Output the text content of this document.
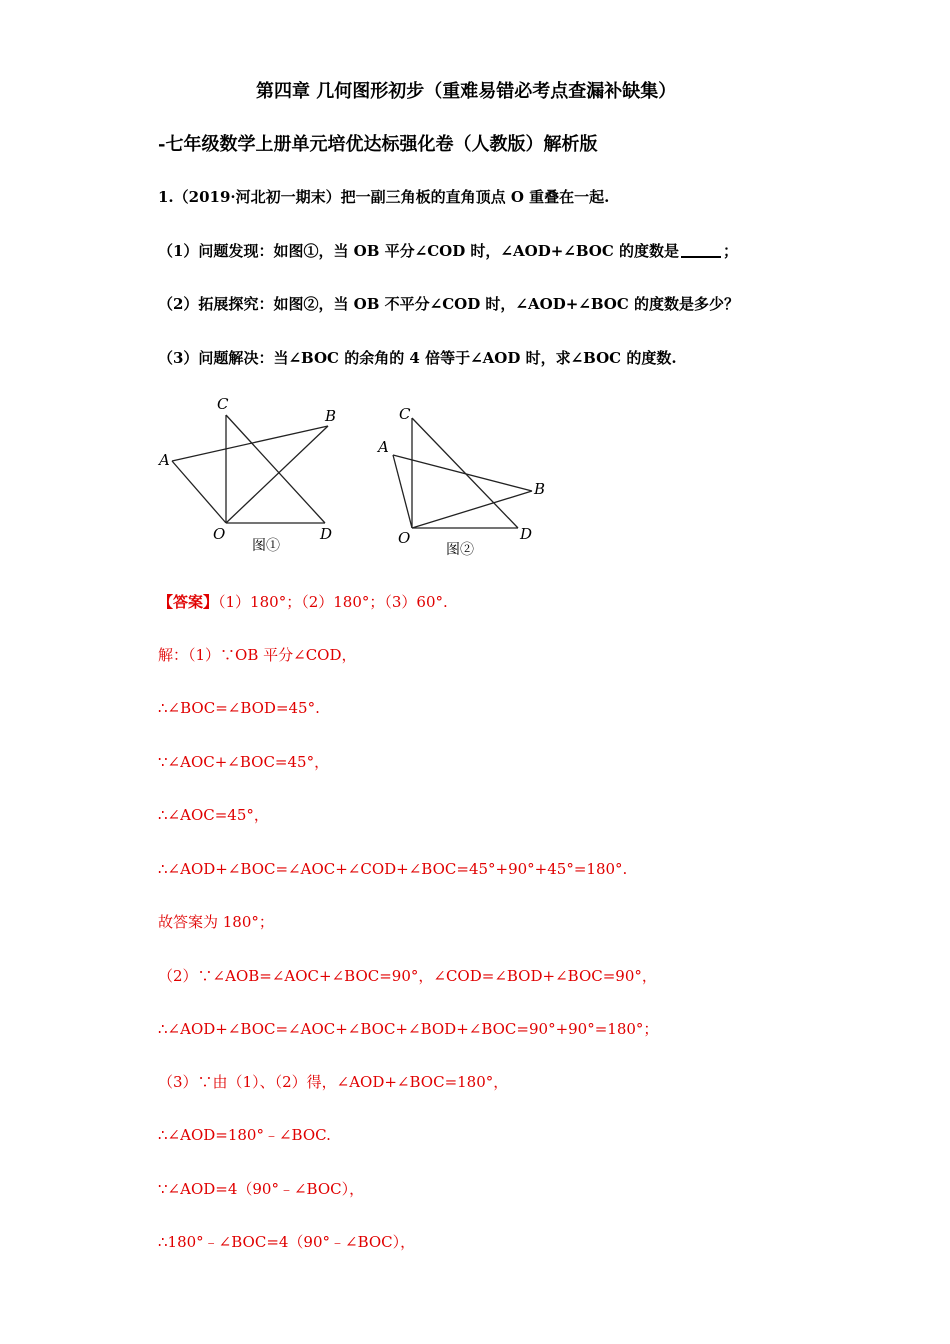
第四章 几何图形初步（重难易错必考点查漏补缺集）
-七年级数学上册单元培优达标强化卷（人教版）解析版
1.（2019·河北初一期末）把一副三角板的直角顶点 O 重叠在一起.
（1）问题发现：如图①，当 OB 平分∠COD 时，∠AOD+∠BOC 的度数是	；
（2）拓展探究：如图②，当 OB 不平分∠COD 时，∠AOD+∠BOC 的度数是多少？
（3）问题解决：当∠BOC 的余角的 4 倍等于∠AOD 时，求∠BOC 的度数.
C
B
A
O	D
图①
C
A
B
O	D
图②
【答案】（1）180°；（2）180°；（3）60°.
解：（1）∵OB 平分∠COD，
∴∠BOC=∠BOD=45°.
∵∠AOC+∠BOC=45°，
∴∠AOC=45°，
∴∠AOD+∠BOC=∠AOC+∠COD+∠BOC=45°+90°+45°=180°.
故答案为 180°；
（2）∵∠AOB=∠AOC+∠BOC=90°，∠COD=∠BOD+∠BOC=90°，
∴∠AOD+∠BOC=∠AOC+∠BOC+∠BOD+∠BOC=90°+90°=180°；
（3）∵由（1）、（2）得，∠AOD+∠BOC=180°，
∴∠AOD=180°﹣∠BOC.
∵∠AOD=4（90°﹣∠BOC），
∴180°﹣∠BOC=4（90°﹣∠BOC），
